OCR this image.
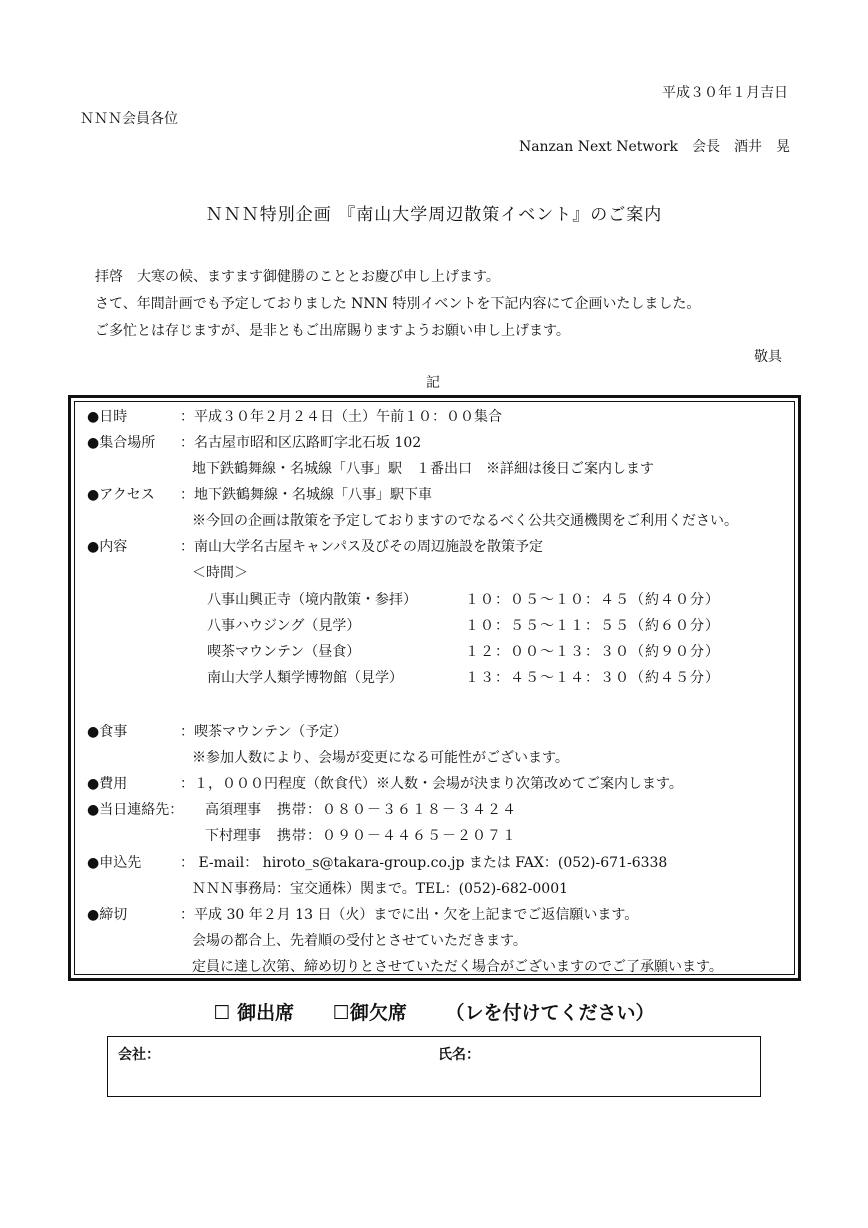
平成３０年１月吉日
ＮＮＮ会員各位
Nanzan Next Network　会長　酒井　晃
ＮＮＮ特別企画 『南山大学周辺散策イベント』のご案内
拝啓　大寒の候、ますます御健勝のこととお慶び申し上げます。
さて、年間計画でも予定しておりました NNN 特別イベントを下記内容にて企画いたしました。
ご多忙とは存じますが、是非ともご出席賜りますようお願い申し上げます。
敬具
記
●日時	：平成３０年２月２４日（土）午前１０：００集合
●集合場所 ：名古屋市昭和区広路町字北石坂 102
地下鉄鶴舞線・名城線「八事」駅　１番出口　※詳細は後日ご案内します
●アクセス ：地下鉄鶴舞線・名城線「八事」駅下車
※今回の企画は散策を予定しておりますのでなるべく公共交通機関をご利用ください。
●内容	：南山大学名古屋キャンパス及びその周辺施設を散策予定
＜時間＞
八事山興正寺（境内散策・参拝）	１０：０５～１０：４５（約４０分）
八事ハウジング（見学）	１０：５５～１１：５５（約６０分）
喫茶マウンテン（昼食）	１２：００～１３：３０（約９０分）
南山大学人類学博物館（見学）	１３：４５～１４：３０（約４５分）
●食事	：喫茶マウンテン（予定）
※参加人数により、会場が変更になる可能性がございます。
●費用	：１，０００円程度（飲食代）※人数・会場が決まり次第改めてご案内します。
●当日連絡先： 高須理事 携帯：０８０－３６１８－３４２４
下村理事 携帯：０９０－４４６５－２０７１
●申込先	： E-mail： hiroto_s@takara-group.co.jp または FAX：(052)-671-6338
ＮＮＮ事務局：宝交通株）関まで。TEL：(052)-682-0001
●締切	：平成 30 年２月 13 日（火）までに出・欠を上記までご返信願います。
会場の都合上、先着順の受付とさせていただきます。
定員に達し次第、締め切りとさせていただく場合がございますのでご了承願います。
☐ 御出席 ☐御欠席 （レを付けてください）
会社：	氏名：
